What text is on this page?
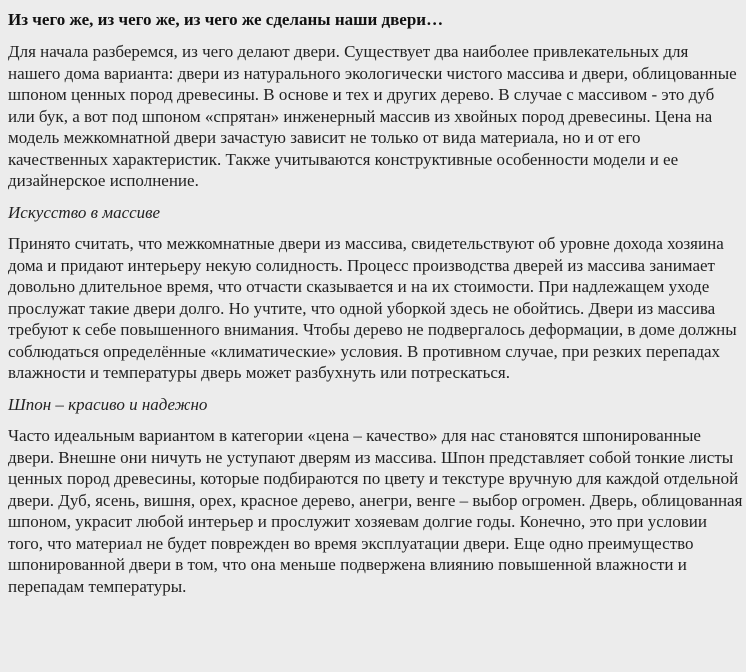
Из чего же, из чего же, из чего же сделаны наши двери…

Для начала разберемся, из чего делают двери. Существует два наиболее привлекательных для нашего дома варианта: двери из натурального экологически чистого массива и двери, облицованные шпоном ценных пород древесины. В основе и тех и других дерево. В случае с массивом - это дуб или бук, а вот под шпоном «спрятан» инженерный массив из хвойных пород древесины. Цена на модель межкомнатной двери зачастую зависит не только от вида материала, но и от его качественных характеристик. Также учитываются конструктивные особенности модели и ее дизайнерское исполнение.

Искусство в массиве

Принято считать, что межкомнатные двери из массива, свидетельствуют об уровне дохода хозяина дома и придают интерьеру некую солидность. Процесс производства дверей из массива занимает довольно длительное время, что отчасти сказывается и на их стоимости. При надлежащем уходе прослужат такие двери долго. Но учтите, что одной уборкой здесь не обойтись. Двери из массива требуют к себе повышенного внимания. Чтобы дерево не подвергалось деформации, в доме должны соблюдаться определённые «климатические» условия. В противном случае, при резких перепадах влажности и температуры дверь может разбухнуть или потрескаться.

Шпон – красиво и надежно

Часто идеальным вариантом в категории «цена – качество» для нас становятся шпонированные двери. Внешне они ничуть не уступают дверям из массива. Шпон представляет собой тонкие листы ценных пород древесины, которые подбираются по цвету и текстуре вручную для каждой отдельной двери. Дуб, ясень, вишня, орех, красное дерево, анегри, венге – выбор огромен. Дверь, облицованная шпоном, украсит любой интерьер и прослужит хозяевам долгие годы. Конечно, это при условии того, что материал не будет поврежден во время эксплуатации двери. Еще одно преимущество шпонированной двери в том, что она меньше подвержена влиянию повышенной влажности и перепадам температуры.
